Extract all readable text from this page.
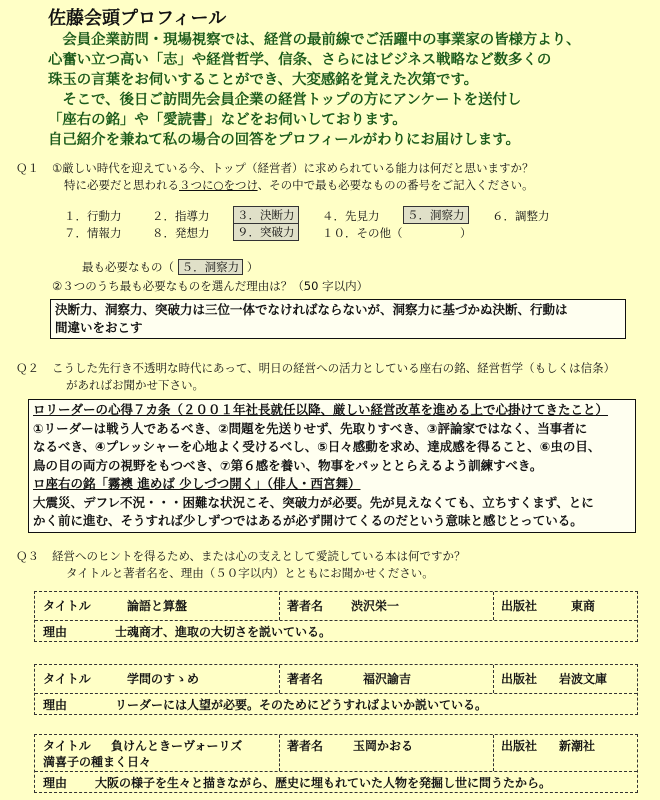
佐藤会頭プロフィール
　会員企業訪問・現場視察では、経営の最前線でご活躍中の事業家の皆様方より、
心奮い立つ高い「志」や経営哲学、信条、さらにはビジネス戦略など数多くの
珠玉の言葉をお伺いすることができ、大変感銘を覚えた次第です。
　そこで、後日ご訪問先会員企業の経営トップの方にアンケートを送付し
「座右の銘」や「愛読書」などをお伺いしております。
自己紹介を兼ねて私の場合の回答をプロフィールがわりにお届けします。
Ｑ１ ①厳しい時代を迎えている今、トップ（経営者）に求められている能力は何だと思いますか？
特に必要だと思われる３つに○をつけ、その中で最も必要なものの番号をご記入ください。
１．行動力	２．指導力	３．決断力	４．先見力	５．洞察力	６．調整力
７．情報力	８．発想力	９．突破力	１０．その他（　　　　　）
最も必要なもの（ ５．洞察力 ）
②３つのうち最も必要なものを選んだ理由は？（50 字以内）
決断力、洞察力、突破力は三位一体でなければならないが、洞察力に基づかぬ決断、行動は
間違いをおこす
Ｑ２ こうした先行き不透明な時代にあって、明日の経営への活力としている座右の銘、経営哲学（もしくは信条）
があればお聞かせ下さい。
ロリーダーの心得７カ条（２００１年社長就任以降、厳しい経営改革を進める上で心掛けてきたこと）
①リーダーは戦う人であるべき、②問題を先送りせず、先取りすべき、③評論家ではなく、当事者に
なるべき、④プレッシャーを心地よく受けるべし、⑤日々感動を求め、達成感を得ること、⑥虫の目、
鳥の目の両方の視野をもつべき、⑦第６感を養い、物事をパッととらえるよう訓練すべき。
ロ座右の銘「霧襖 進めば 少しづつ開く」（俳人・西宮舞）
大震災、デフレ不況・・・困難な状況こそ、突破力が必要。先が見えなくても、立ちすくまず、とに
かく前に進む、そうすれば少しずつではあるが必ず開けてくるのだという意味と感じとっている。
Ｑ３ 経営へのヒントを得るため、または心の支えとして愛読している本は何ですか？
タイトルと著者名を、理由（５０字以内）とともにお聞かせください。
タイトル	論語と算盤	著者名 渋沢栄一	出版社	東商
理由	士魂商才、進取の大切さを説いている。
タイトル	学問のすゝめ	著者名	福沢諭吉	出版社 岩波文庫
理由	リーダーには人望が必要。そのためにどうすればよいか説いている。
タイトル 負けんときーヴォーリズ
満喜子の種まく日々
著者名 玉岡かおる	出版社 新潮社
理由 大阪の様子を生々と描きながら、歴史に埋もれていた人物を発掘し世に問うたから。
